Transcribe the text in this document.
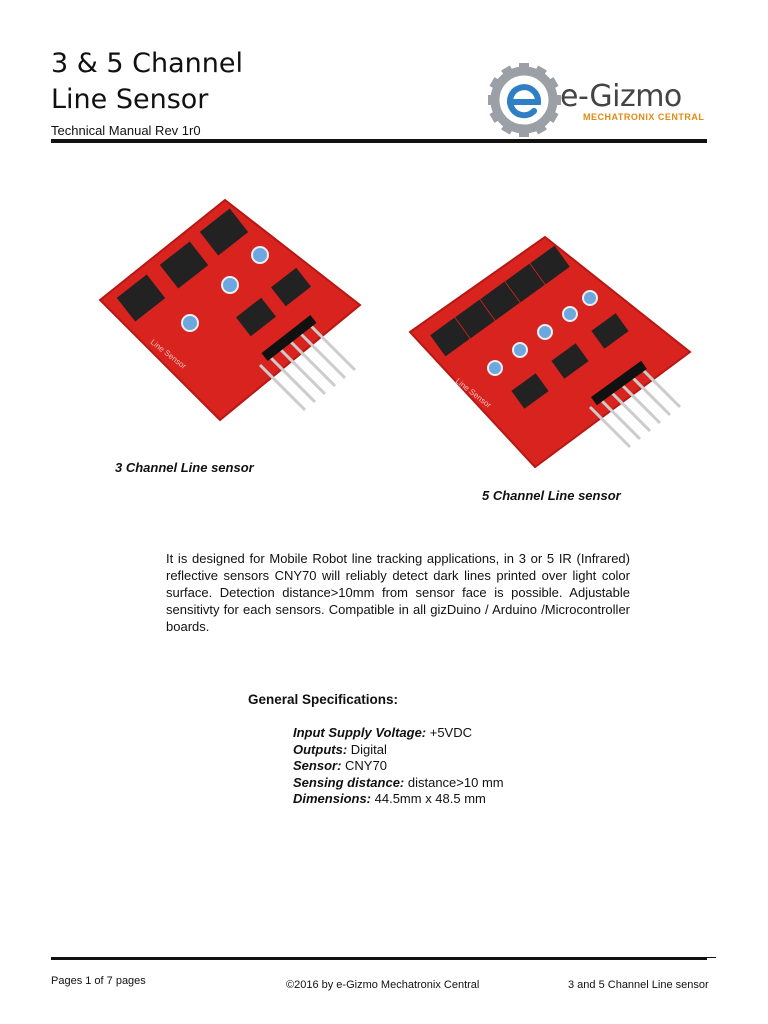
3 & 5 Channel
Line Sensor
Technical Manual Rev 1r0
e-Gizmo
MECHATRONIX CENTRAL
Line Sensor
Line Sensor
3 Channel Line sensor
5 Channel Line sensor
It is designed for Mobile Robot line tracking applications, in 3 or 5 IR (Infrared) reflective sensors CNY70 will reliably detect dark lines printed over light color surface. Detection distance>10mm from sensor face is possible. Adjustable sensitivty for each sensors. Compatible in all gizDuino / Arduino /Microcontroller boards.
General Specifications:
Input Supply Voltage: +5VDC
Outputs: Digital
Sensor: CNY70
Sensing distance: distance>10 mm
Dimensions: 44.5mm x 48.5 mm
Pages 1 of 7 pages	©2016 by e-Gizmo Mechatronix Central	3 and 5 Channel Line sensor
